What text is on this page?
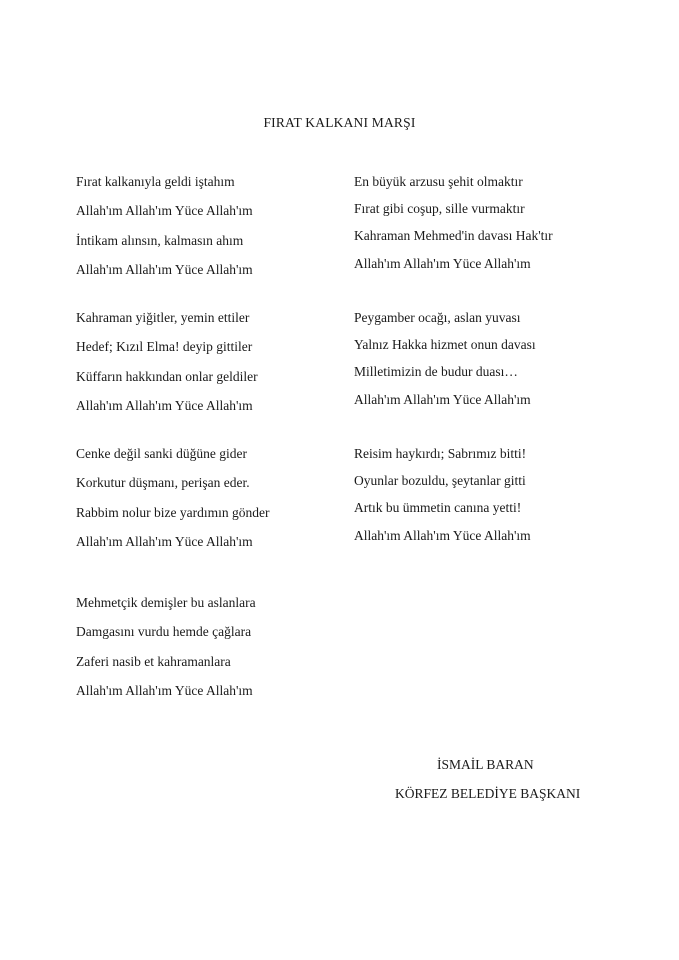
FIRAT KALKANI MARŞI
Fırat kalkanıyla geldi iştahım
Allah'ım Allah'ım Yüce Allah'ım
İntikam alınsın, kalmasın ahım
Allah'ım Allah'ım Yüce Allah'ım
Kahraman yiğitler, yemin ettiler
Hedef; Kızıl Elma! deyip gittiler
Küffarın hakkından onlar geldiler
Allah'ım Allah'ım Yüce Allah'ım
Cenke değil sanki düğüne gider
Korkutur düşmanı, perişan eder.
Rabbim nolur bize yardımın gönder
Allah'ım Allah'ım Yüce Allah'ım
Mehmetçik demişler bu aslanlara
Damgasını vurdu hemde çağlara
Zaferi nasib et kahramanlara
Allah'ım Allah'ım Yüce Allah'ım
En büyük arzusu şehit olmaktır
Fırat gibi coşup, sille vurmaktır
Kahraman Mehmed'in davası Hak'tır
Allah'ım Allah'ım Yüce Allah'ım
Peygamber ocağı, aslan yuvası
Yalnız Hakka hizmet onun davası
Milletimizin de budur duası…
Allah'ım Allah'ım Yüce Allah'ım
Reisim haykırdı; Sabrımız bitti!
Oyunlar bozuldu, şeytanlar gitti
Artık bu ümmetin canına yetti!
Allah'ım Allah'ım Yüce Allah'ım
İSMAİL BARAN
KÖRFEZ BELEDİYE BAŞKANI
